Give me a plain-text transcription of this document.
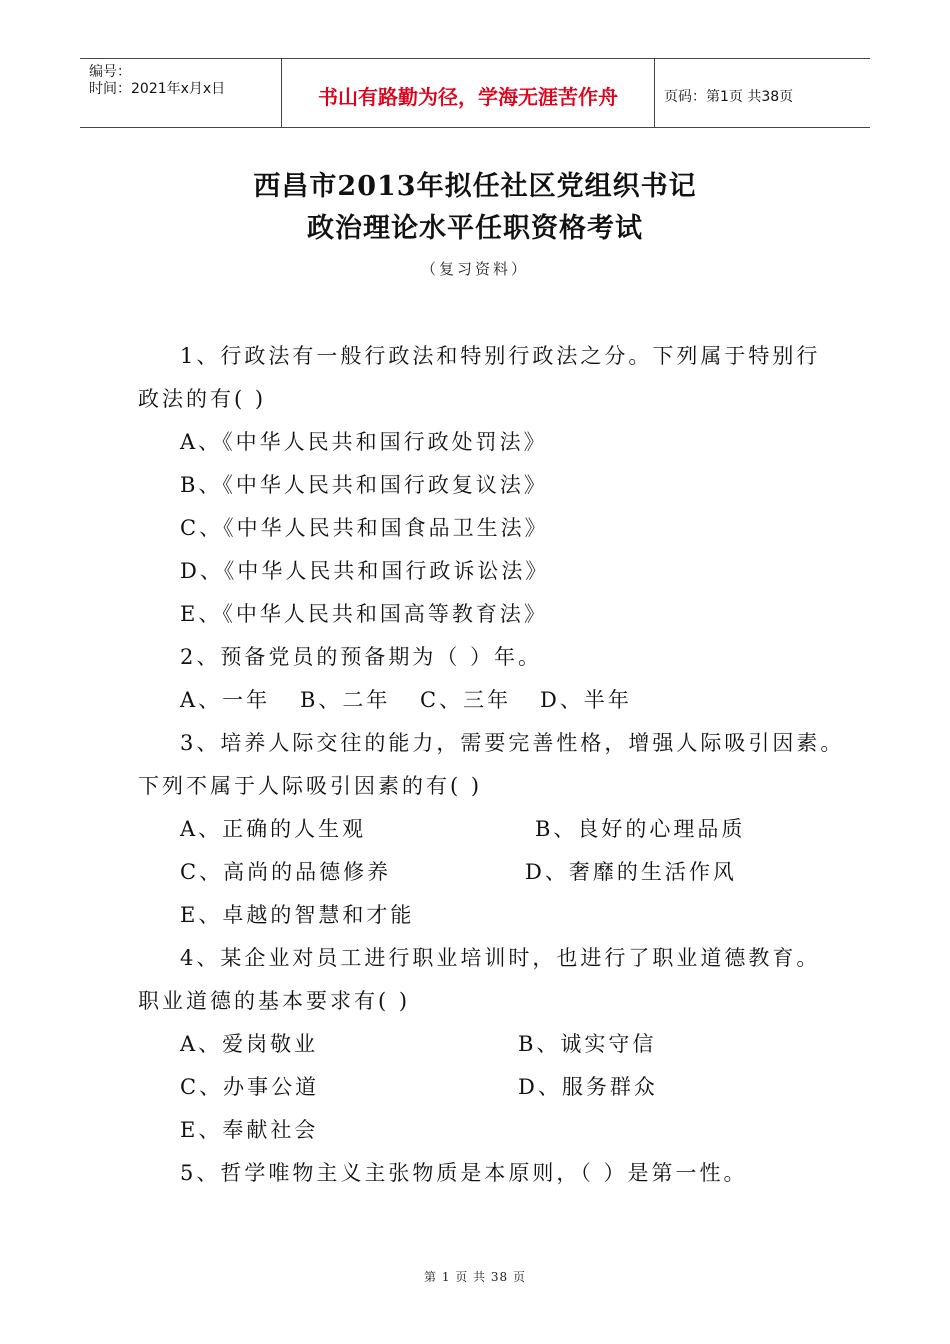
编号：
时间：2021年x月x日	书山有路勤为径，学海无涯苦作舟	页码：第1页 共38页
西昌市2013年拟任社区党组织书记
政治理论水平任职资格考试
（复习资料）
1、行政法有一般行政法和特别行政法之分。下列属于特别行
政法的有( )
A、《中华人民共和国行政处罚法》
B、《中华人民共和国行政复议法》
C、《中华人民共和国食品卫生法》
D、《中华人民共和国行政诉讼法》
E、《中华人民共和国高等教育法》
2、预备党员的预备期为（ ）年。
A、一年 B、二年 C、三年 D、半年
3、培养人际交往的能力，需要完善性格，增强人际吸引因素。
下列不属于人际吸引因素的有( )
A、正确的人生观	B、良好的心理品质
C、高尚的品德修养	D、奢靡的生活作风
E、卓越的智慧和才能
4、某企业对员工进行职业培训时，也进行了职业道德教育。
职业道德的基本要求有( )
A、爱岗敬业	B、诚实守信
C、办事公道	D、服务群众
E、奉献社会
5、哲学唯物主义主张物质是本原则，（ ）是第一性。
第 1 页 共 38 页
